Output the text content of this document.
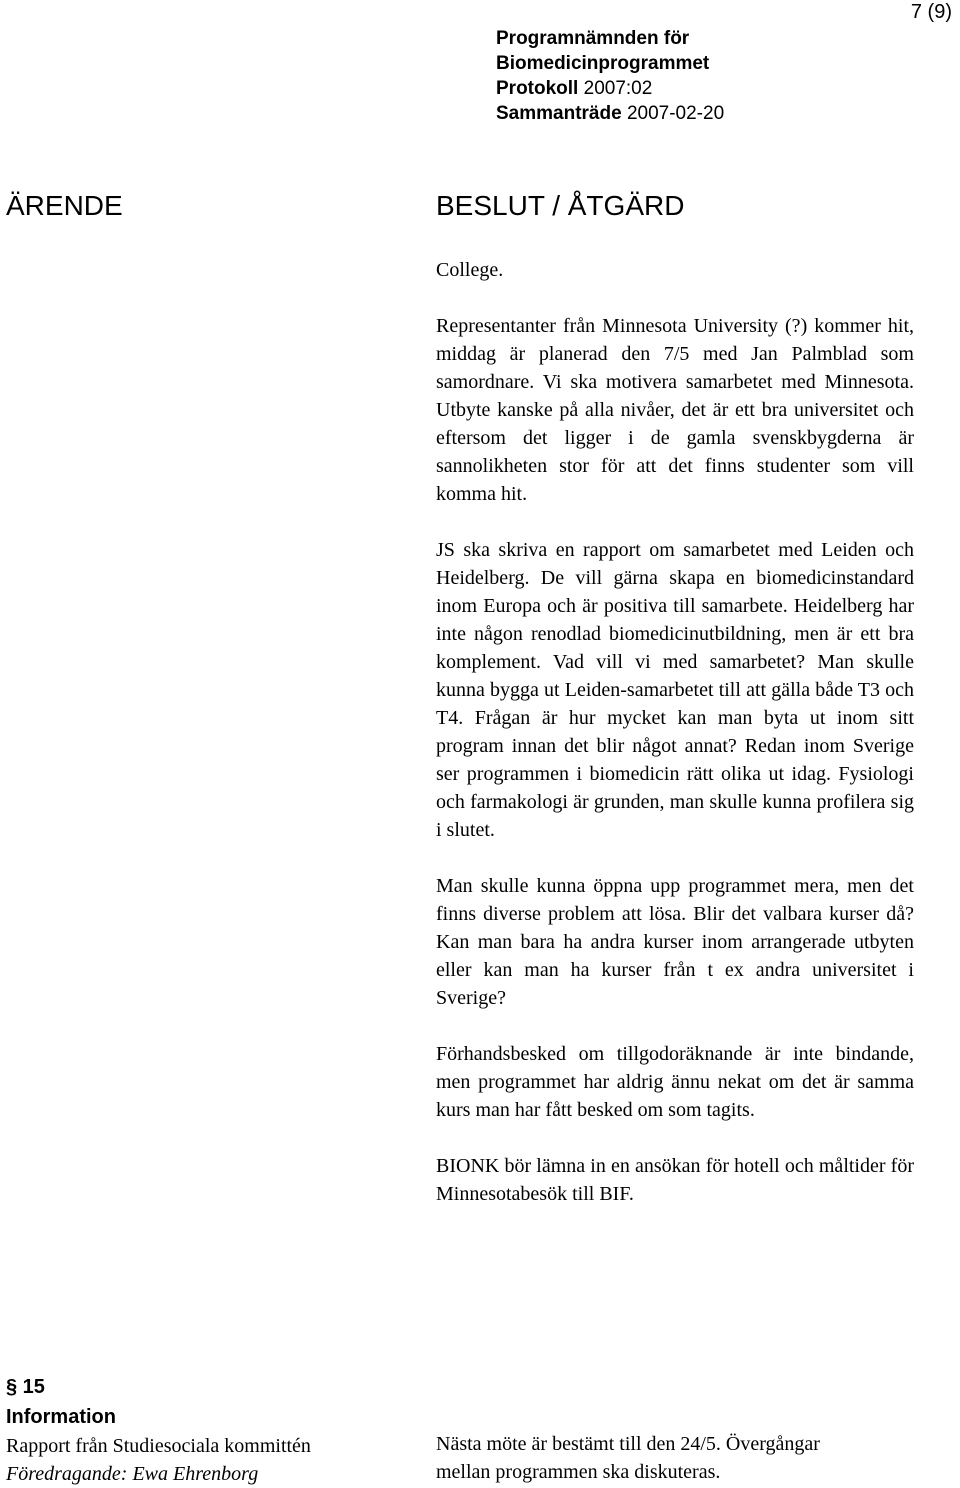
7 (9)
Programnämnden för
Biomedicinprogrammet
Protokoll 2007:02
Sammanträde 2007-02-20
ÄRENDE	BESLUT / ÅTGÄRD

College.

Representanter från Minnesota University (?) kommer hit, middag är planerad den 7/5 med Jan Palmblad som samordnare. Vi ska motivera samarbetet med Minnesota. Utbyte kanske på alla nivåer, det är ett bra universitet och eftersom det ligger i de gamla svenskbygderna är sannolikheten stor för att det finns studenter som vill komma hit.

JS ska skriva en rapport om samarbetet med Leiden och Heidelberg. De vill gärna skapa en biomedicinstandard inom Europa och är positiva till samarbete. Heidelberg har inte någon renodlad biomedicinutbildning, men är ett bra komplement. Vad vill vi med samarbetet? Man skulle kunna bygga ut Leiden-samarbetet till att gälla både T3 och T4. Frågan är hur mycket kan man byta ut inom sitt program innan det blir något annat? Redan inom Sverige ser programmen i biomedicin rätt olika ut idag. Fysiologi och farmakologi är grunden, man skulle kunna profilera sig i slutet.

Man skulle kunna öppna upp programmet mera, men det finns diverse problem att lösa. Blir det valbara kurser då? Kan man bara ha andra kurser inom arrangerade utbyten eller kan man ha kurser från t ex andra universitet i Sverige?

Förhandsbesked om tillgodoräknande är inte bindande, men programmet har aldrig ännu nekat om det är samma kurs man har fått besked om som tagits.

BIONK bör lämna in en ansökan för hotell och måltider för Minnesotabesök till BIF.

§ 15
Information
Rapport från Studiesociala kommittén
Föredragande: Ewa Ehrenborg
Nästa möte är bestämt till den 24/5. Övergångar
mellan programmen ska diskuteras.
